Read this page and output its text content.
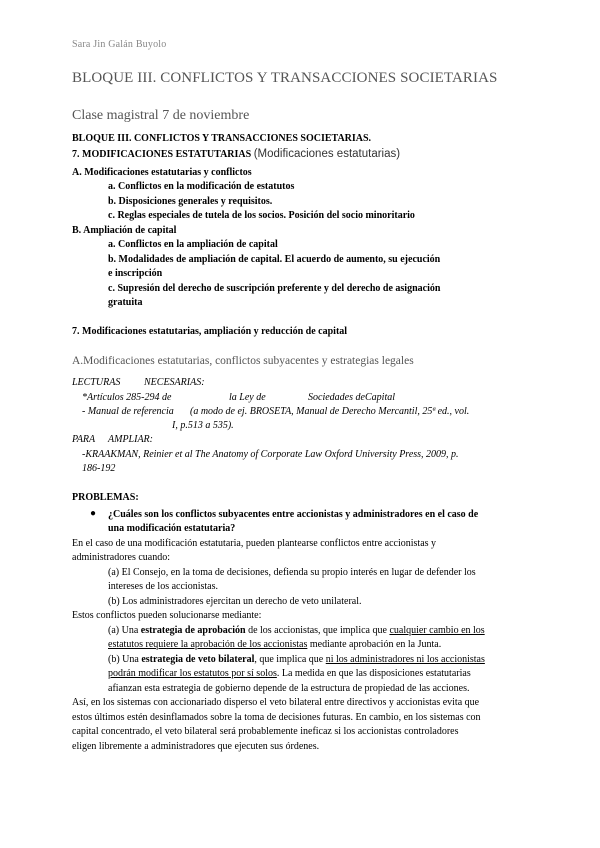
Sara Jin Galán Buyolo
BLOQUE III. CONFLICTOS Y TRANSACCIONES SOCIETARIAS
Clase magistral 7 de noviembre
BLOQUE III. CONFLICTOS Y TRANSACCIONES SOCIETARIAS.
7. MODIFICACIONES ESTATUTARIAS (Modificaciones estatutarias)
A. Modificaciones estatutarias y conflictos
a. Conflictos en la modificación de estatutos
b. Disposiciones generales y requisitos.
c. Reglas especiales de tutela de los socios. Posición del socio minoritario
B. Ampliación de capital
a. Conflictos en la ampliación de capital
b. Modalidades de ampliación de capital. El acuerdo de aumento, su ejecución
e inscripción
c. Supresión del derecho de suscripción preferente y del derecho de asignación
gratuita
7. Modificaciones estatutarias, ampliación y reducción de capital
A.Modificaciones estatutarias, conflictos subyacentes y estrategias legales
LECTURAS NECESARIAS:
*Artículos 285-294 de	la Ley de	Sociedades de Capital
- Manual de referencia (a modo de ej. BROSETA, Manual de Derecho Mercantil, 25ª ed., vol.
I, p.513 a 535).
PARA AMPLIAR:
-KRAAKMAN, Reinier et al The Anatomy of Corporate Law Oxford University Press, 2009, p.
186-192
PROBLEMAS:
● ¿Cuáles son los conflictos subyacentes entre accionistas y administradores en el caso de
una modificación estatutaria?
En el caso de una modificación estatutaria, pueden plantearse conflictos entre accionistas y
administradores cuando:
(a) El Consejo, en la toma de decisiones, defienda su propio interés en lugar de defender los
intereses de los accionistas.
(b) Los administradores ejercitan un derecho de veto unilateral.
Estos conflictos pueden solucionarse mediante:
(a) Una estrategia de aprobación de los accionistas, que implica que cualquier cambio en los
estatutos requiere la aprobación de los accionistas mediante aprobación en la Junta.
(b) Una estrategia de veto bilateral, que implica que ni los administradores ni los accionistas
podrán modificar los estatutos por sí solos. La medida en que las disposiciones estatutarias
afianzan esta estrategia de gobierno depende de la estructura de propiedad de las acciones.
Así, en los sistemas con accionariado disperso el veto bilateral entre directivos y accionistas evita que
estos últimos estén desinflamados sobre la toma de decisiones futuras. En cambio, en los sistemas con
capital concentrado, el veto bilateral será probablemente ineficaz si los accionistas controladores
eligen libremente a administradores que ejecuten sus órdenes.
